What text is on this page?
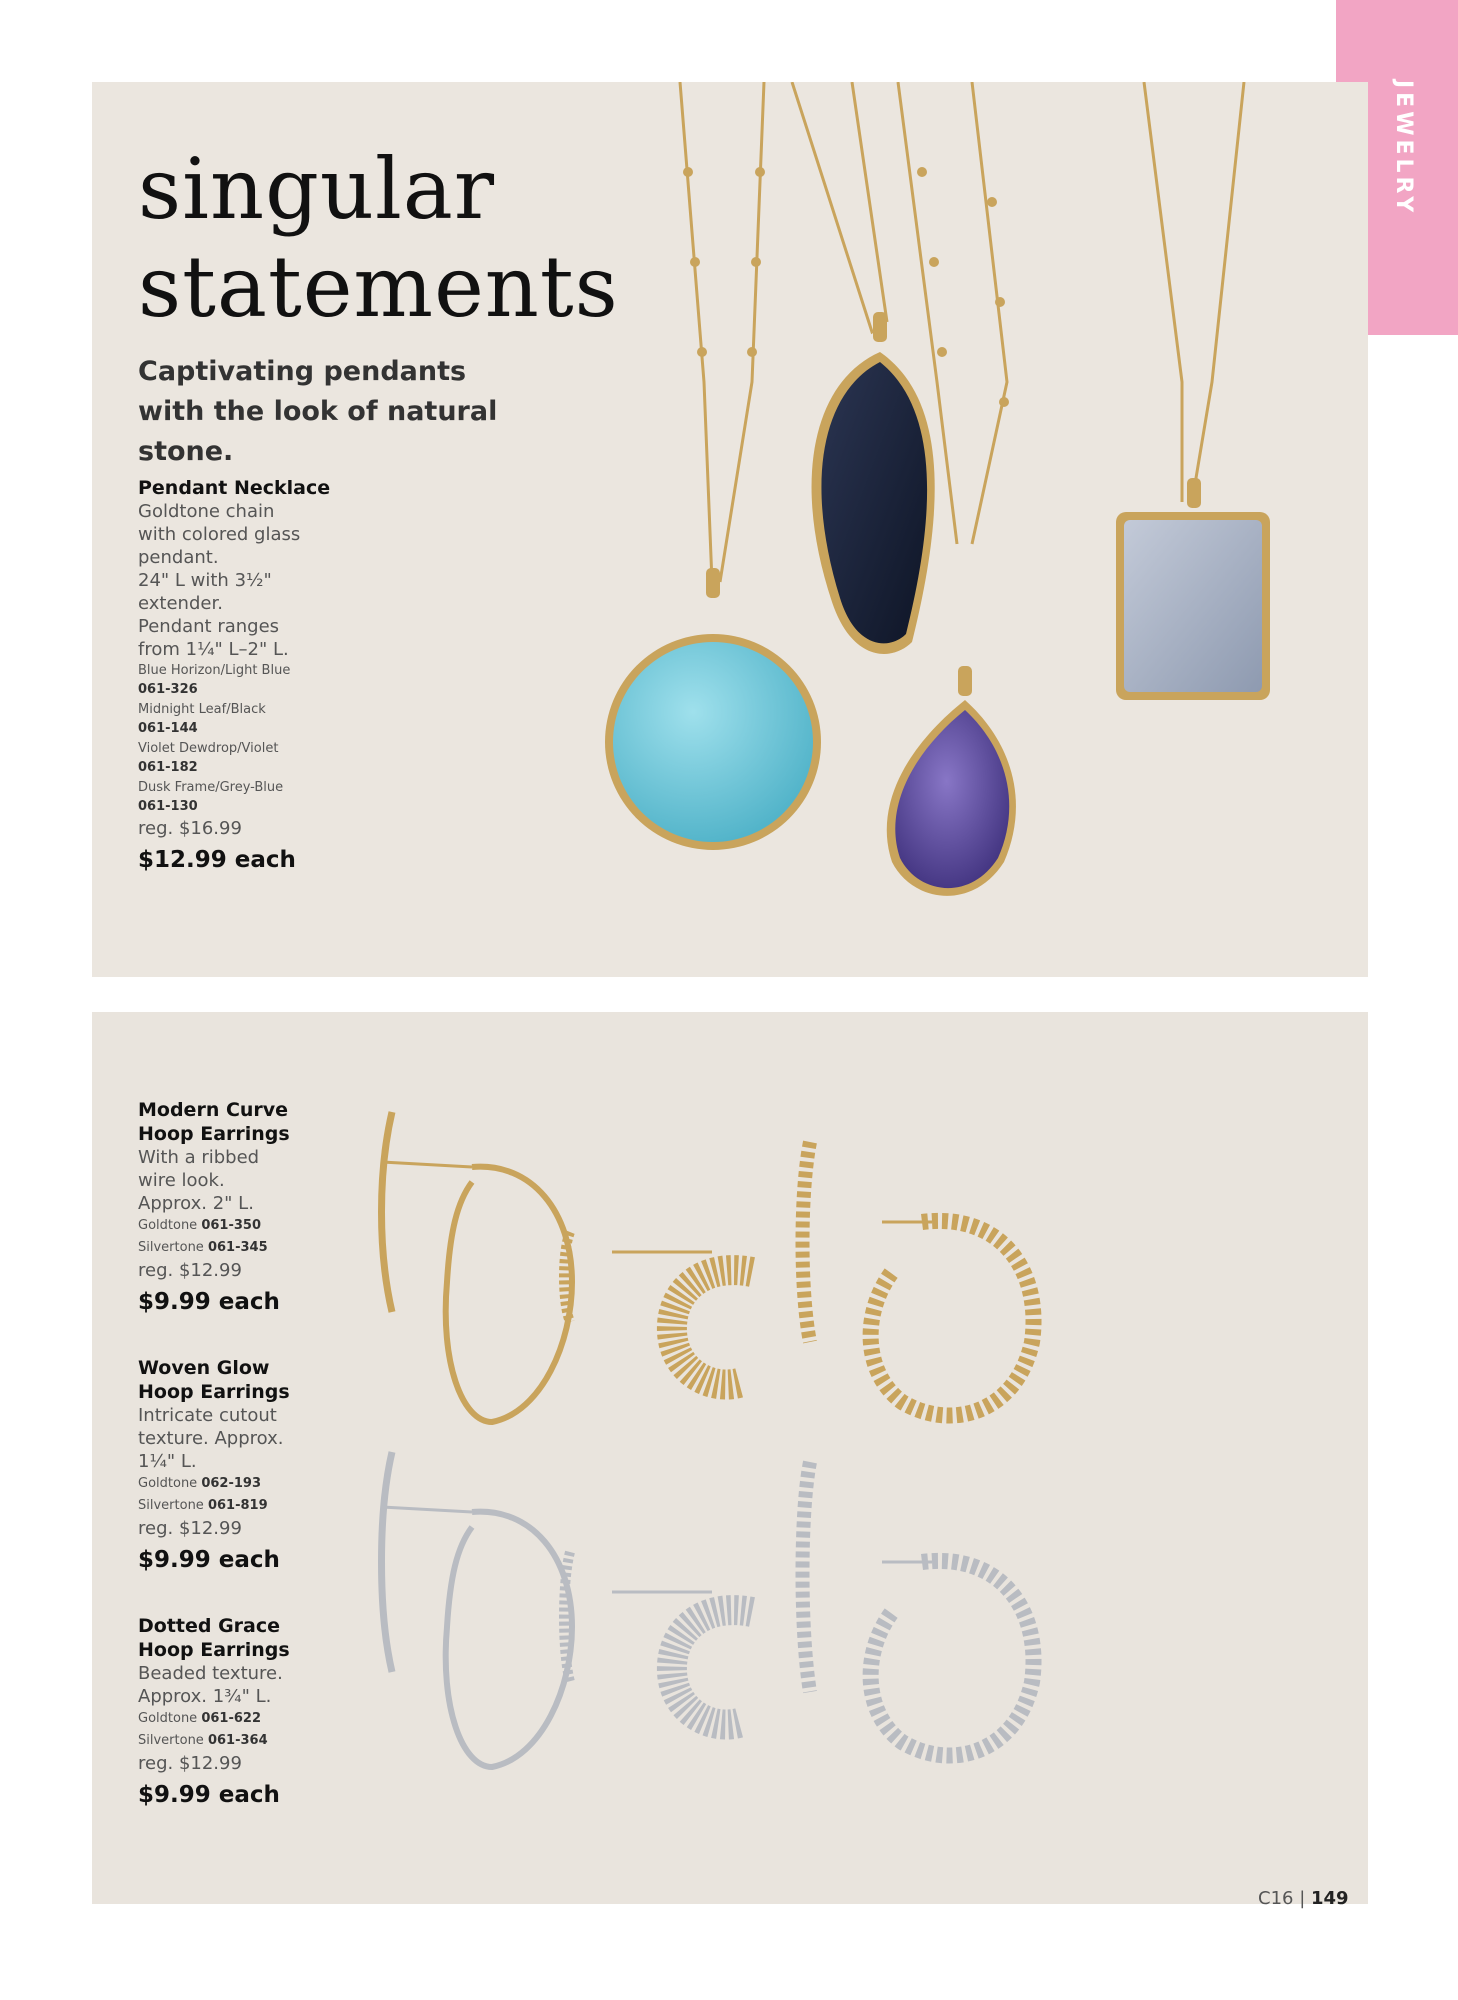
JEWELRY
singular
statements
Captivating pendants with the look of natural stone.
Pendant Necklace
Goldtone chain
with colored glass
pendant.
24" L with 3½"
extender.
Pendant ranges
from 1¼" L–2" L.
Blue Horizon/Light Blue
061-326
Midnight Leaf/Black
061-144
Violet Dewdrop/Violet
061-182
Dusk Frame/Grey-Blue
061-130
reg. $16.99
$12.99 each
Modern Curve
Hoop Earrings
With a ribbed
wire look.
Approx. 2" L.
Goldtone 061-350
Silvertone 061-345
reg. $12.99
$9.99 each
Woven Glow
Hoop Earrings
Intricate cutout
texture. Approx.
1¼" L.
Goldtone 062-193
Silvertone 061-819
reg. $12.99
$9.99 each
Dotted Grace
Hoop Earrings
Beaded texture.
Approx. 1¾" L.
Goldtone 061-622
Silvertone 061-364
reg. $12.99
$9.99 each
C16 | 149
